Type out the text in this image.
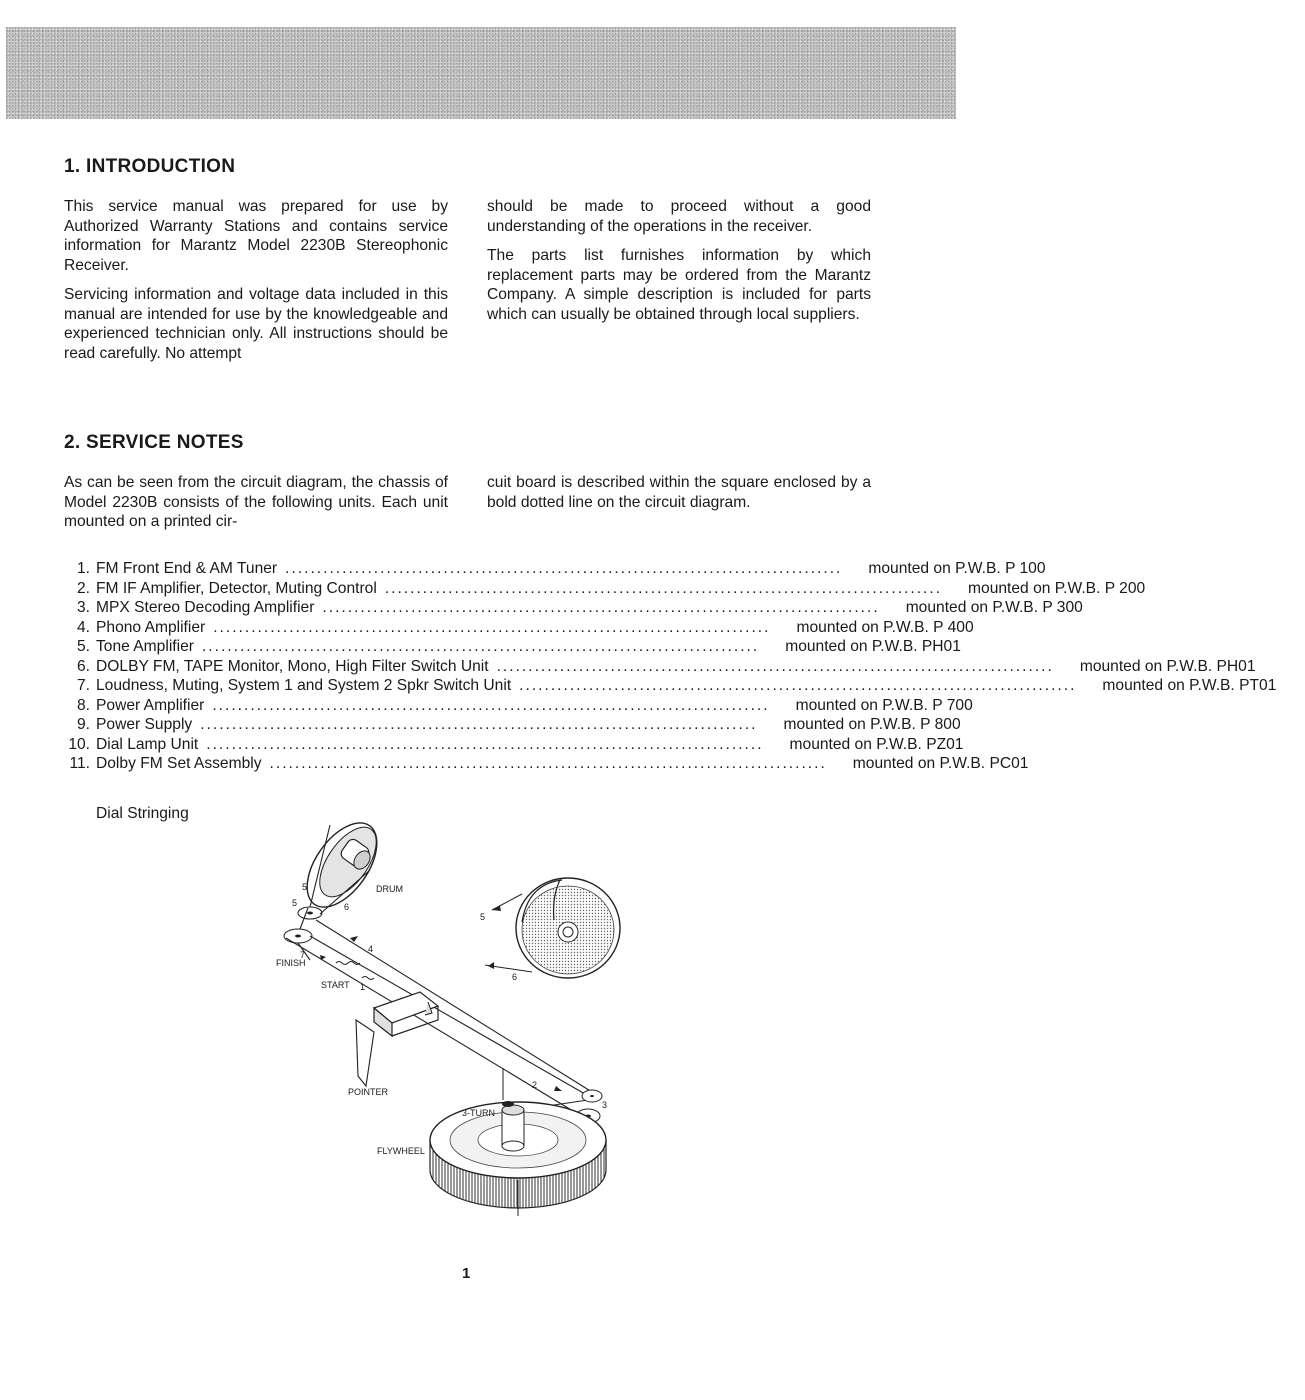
1. INTRODUCTION

This service manual was prepared for use by Authorized Warranty Stations and contains service information for Marantz Model 2230B Stereophonic Receiver.

Servicing information and voltage data included in this manual are intended for use by the knowledgeable and experienced technician only. All instructions should be read carefully. No attempt

should be made to proceed without a good understanding of the operations in the receiver.

The parts list furnishes information by which replacement parts may be ordered from the Marantz Company. A simple description is included for parts which can usually be obtained through local suppliers.

2. SERVICE NOTES

As can be seen from the circuit diagram, the chassis of Model 2230B consists of the following units. Each unit mounted on a printed cir-

cuit board is described within the square enclosed by a bold dotted line on the circuit diagram.

1. FM Front End & AM Tuner ........................................................................................ mounted on P.W.B. P 100
2. FM IF Amplifier, Detector, Muting Control ........................................................................................ mounted on P.W.B. P 200
3. MPX Stereo Decoding Amplifier ........................................................................................ mounted on P.W.B. P 300
4. Phono Amplifier ........................................................................................ mounted on P.W.B. P 400
5. Tone Amplifier ........................................................................................ mounted on P.W.B. PH01
6. DOLBY FM, TAPE Monitor, Mono, High Filter Switch Unit ........................................................................................ mounted on P.W.B. PH01
7. Loudness, Muting, System 1 and System 2 Spkr Switch Unit ........................................................................................ mounted on P.W.B. PT01
8. Power Amplifier ........................................................................................ mounted on P.W.B. P 700
9. Power Supply ........................................................................................ mounted on P.W.B. P 800
10. Dial Lamp Unit ........................................................................................ mounted on P.W.B. PZ01
11. Dolby FM Set Assembly ........................................................................................ mounted on P.W.B. PC01
Dial Stringing
DRUM
FINISH
START
POINTER
3-TURN
FLYWHEEL
5
5	6
4
7
1
2
3
5
6
1
